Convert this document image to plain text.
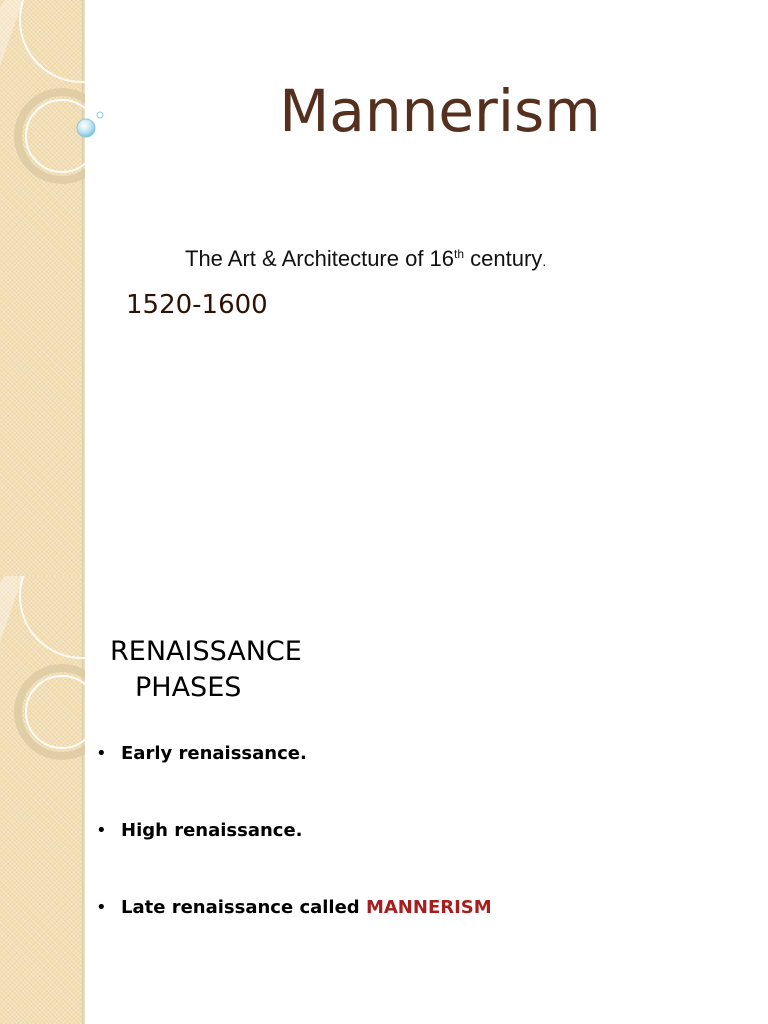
Mannerism
The Art & Architecture of 16th century.
1520-1600
RENAISSANCE
PHASES
• Early renaissance.
• High renaissance.
• Late renaissance called MANNERISM
